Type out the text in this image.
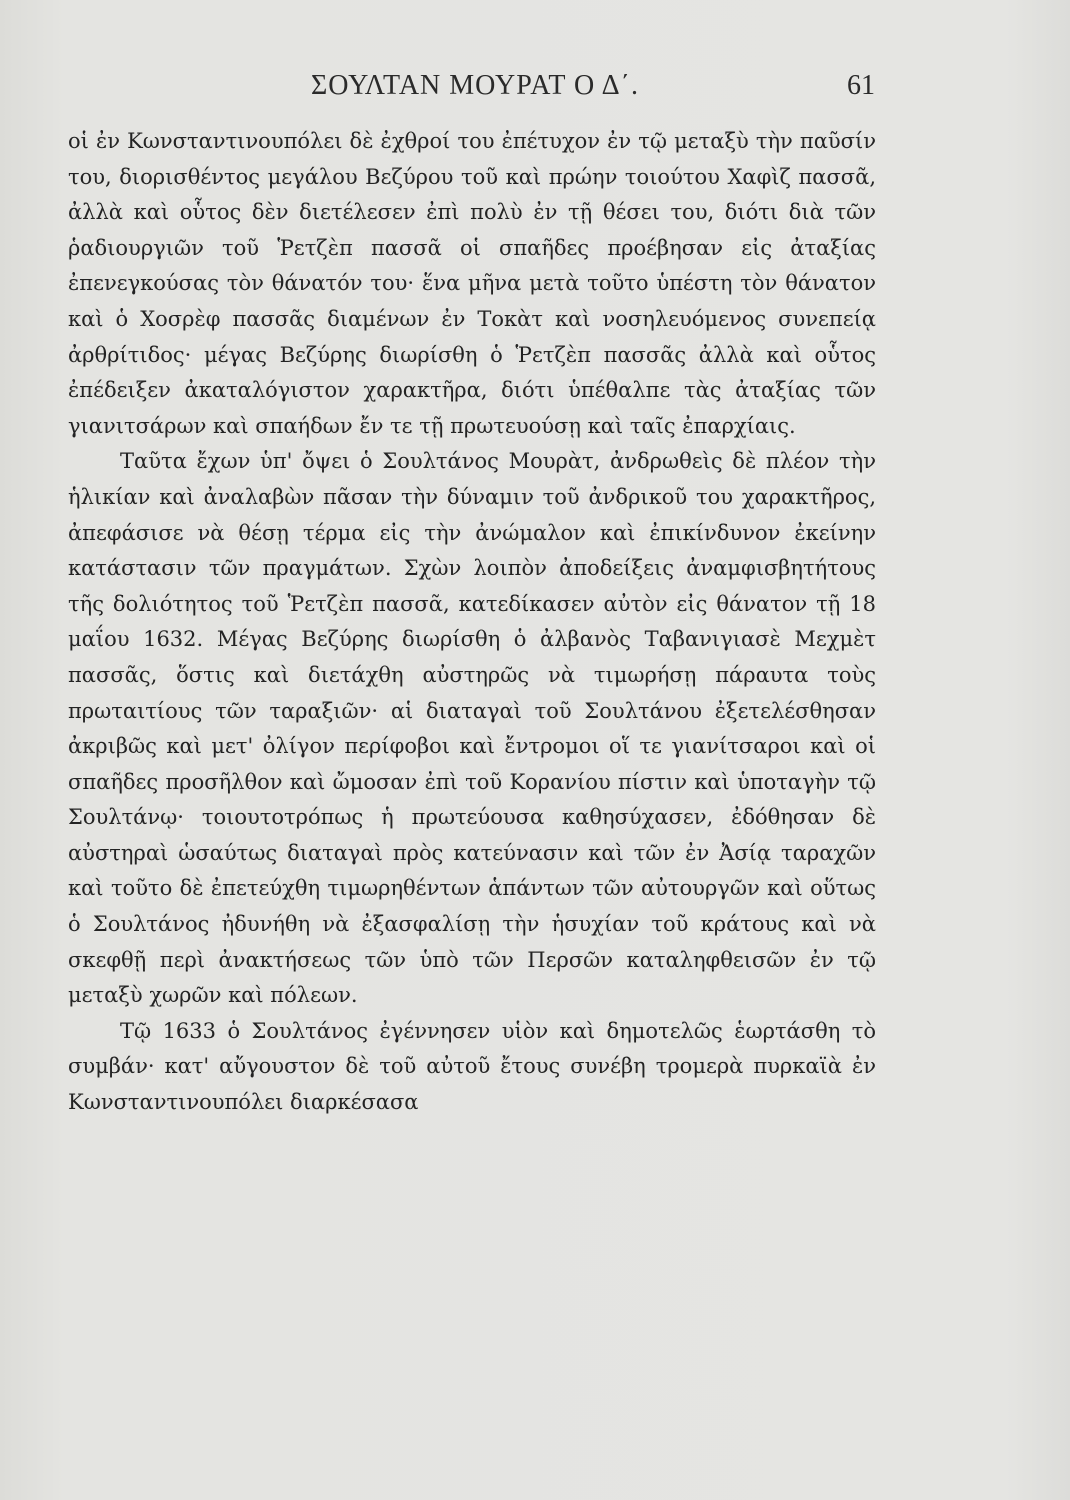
ΣΟΥΛΤΑΝ ΜΟΥΡΑΤ Ο Δ΄.	61

οἱ ἐν Κωνσταντινουπόλει δὲ ἐχθροί του ἐπέτυχον ἐν τῷ μεταξὺ τὴν παῦσίν του, διορισθέντος μεγάλου Βεζύρου τοῦ καὶ πρώην τοιούτου Χαφὶζ πασσᾶ, ἀλλὰ καὶ οὗτος δὲν διετέλεσεν ἐπὶ πολὺ ἐν τῇ θέσει του, διότι διὰ τῶν ῥαδιουργιῶν τοῦ Ῥετζὲπ πασσᾶ οἱ σπαῆδες προέβησαν εἰς ἀταξίας ἐπενεγκούσας τὸν θάνατόν του· ἕνα μῆνα μετὰ τοῦτο ὑπέστη τὸν θάνατον καὶ ὁ Χοσρὲφ πασσᾶς διαμένων ἐν Τοκὰτ καὶ νοσηλευόμενος συνεπείᾳ ἀρθρίτιδος· μέγας Βεζύρης διωρίσθη ὁ Ῥετζὲπ πασσᾶς ἀλλὰ καὶ οὗτος ἐπέδειξεν ἀκαταλόγιστον χαρακτῆρα, διότι ὑπέθαλπε τὰς ἀταξίας τῶν γιανιτσάρων καὶ σπαήδων ἔν τε τῇ πρωτευούσῃ καὶ ταῖς ἐπαρχίαις.

Ταῦτα ἔχων ὑπ' ὄψει ὁ Σουλτάνος Μουρὰτ, ἀνδρωθεὶς δὲ πλέον τὴν ἡλικίαν καὶ ἀναλαβὼν πᾶσαν τὴν δύναμιν τοῦ ἀνδρικοῦ του χαρακτῆρος, ἀπεφάσισε νὰ θέσῃ τέρμα εἰς τὴν ἀνώμαλον καὶ ἐπικίνδυνον ἐκείνην κατάστασιν τῶν πραγμάτων. Σχὼν λοιπὸν ἀποδείξεις ἀναμφισβητήτους τῆς δολιότητος τοῦ Ῥετζὲπ πασσᾶ, κατεδίκασεν αὐτὸν εἰς θάνατον τῇ 18 μαΐου 1632. Μέγας Βεζύρης διωρίσθη ὁ ἀλβανὸς Ταβανιγιασὲ Μεχμὲτ πασσᾶς, ὅστις καὶ διετάχθη αὐστηρῶς νὰ τιμωρήσῃ πάραυτα τοὺς πρωταιτίους τῶν ταραξιῶν· αἱ διαταγαὶ τοῦ Σουλτάνου ἐξετελέσθησαν ἀκριβῶς καὶ μετ' ὀλίγον περίφοβοι καὶ ἔντρομοι οἵ τε γιανίτσαροι καὶ οἱ σπαῆδες προσῆλθον καὶ ὤμοσαν ἐπὶ τοῦ Κορανίου πίστιν καὶ ὑποταγὴν τῷ Σουλτάνῳ· τοιουτοτρόπως ἡ πρωτεύουσα καθησύχασεν, ἐδόθησαν δὲ αὐστηραὶ ὡσαύτως διαταγαὶ πρὸς κατεύνασιν καὶ τῶν ἐν Ἀσίᾳ ταραχῶν καὶ τοῦτο δὲ ἐπετεύχθη τιμωρηθέντων ἁπάντων τῶν αὐτουργῶν καὶ οὕτως ὁ Σουλτάνος ἠδυνήθη νὰ ἐξασφαλίσῃ τὴν ἡσυχίαν τοῦ κράτους καὶ νὰ σκεφθῇ περὶ ἀνακτήσεως τῶν ὑπὸ τῶν Περσῶν καταληφθεισῶν ἐν τῷ μεταξὺ χωρῶν καὶ πόλεων.

Τῷ 1633 ὁ Σουλτάνος ἐγέννησεν υἱὸν καὶ δημοτελῶς ἑωρτάσθη τὸ συμβάν· κατ' αὔγουστον δὲ τοῦ αὐτοῦ ἔτους συνέβη τρομερὰ πυρκαϊὰ ἐν Κωνσταντινουπόλει διαρκέσασα
